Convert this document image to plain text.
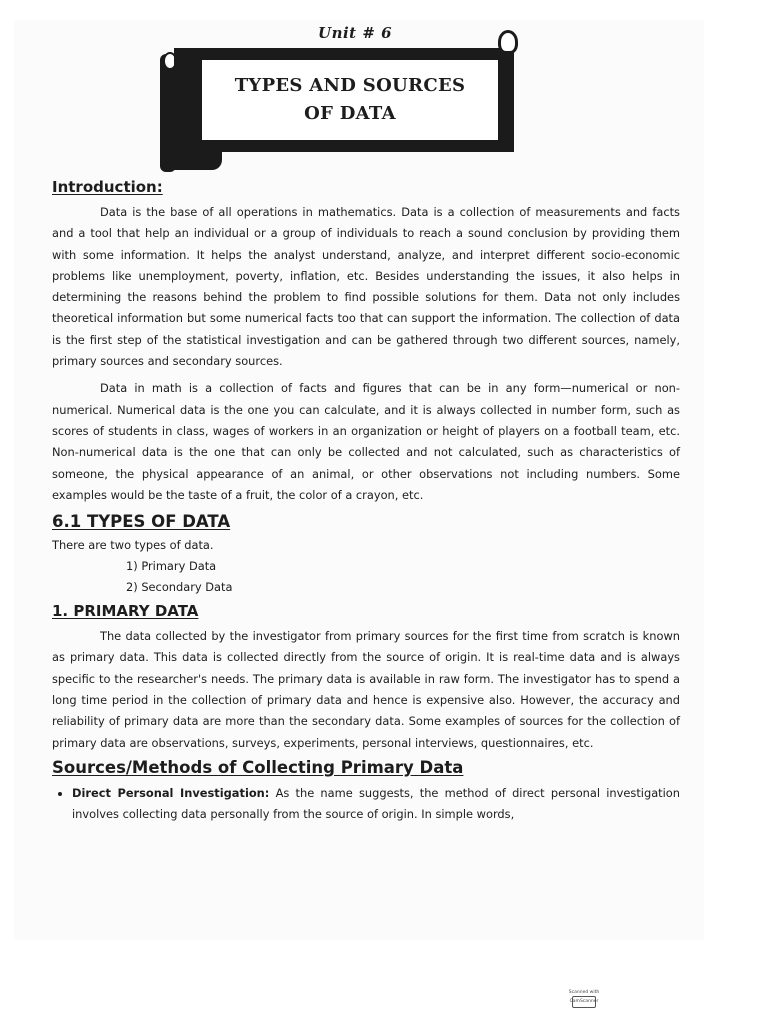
Unit # 6
TYPES AND SOURCES
OF DATA
Introduction:

Data is the base of all operations in mathematics. Data is a collection of measurements and facts and a tool that help an individual or a group of individuals to reach a sound conclusion by providing them with some information. It helps the analyst understand, analyze, and interpret different socio-economic problems like unemployment, poverty, inflation, etc. Besides understanding the issues, it also helps in determining the reasons behind the problem to find possible solutions for them. Data not only includes theoretical information but some numerical facts too that can support the information. The collection of data is the first step of the statistical investigation and can be gathered through two different sources, namely, primary sources and secondary sources.

Data in math is a collection of facts and figures that can be in any form—numerical or non-numerical. Numerical data is the one you can calculate, and it is always collected in number form, such as scores of students in class, wages of workers in an organization or height of players on a football team, etc. Non-numerical data is the one that can only be collected and not calculated, such as characteristics of someone, the physical appearance of an animal, or other observations not including numbers. Some examples would be the taste of a fruit, the color of a crayon, etc.

6.1 TYPES OF DATA

There are two types of data.

1) Primary Data
2) Secondary Data
1. PRIMARY DATA

The data collected by the investigator from primary sources for the first time from scratch is known as primary data. This data is collected directly from the source of origin. It is real-time data and is always specific to the researcher's needs. The primary data is available in raw form. The investigator has to spend a long time period in the collection of primary data and hence is expensive also. However, the accuracy and reliability of primary data are more than the secondary data. Some examples of sources for the collection of primary data are observations, surveys, experiments, personal interviews, questionnaires, etc.

Sources/Methods of Collecting Primary Data
• Direct Personal Investigation: As the name suggests, the method of direct personal investigation involves collecting data personally from the source of origin. In simple words,
Scanned with
CamScanner
